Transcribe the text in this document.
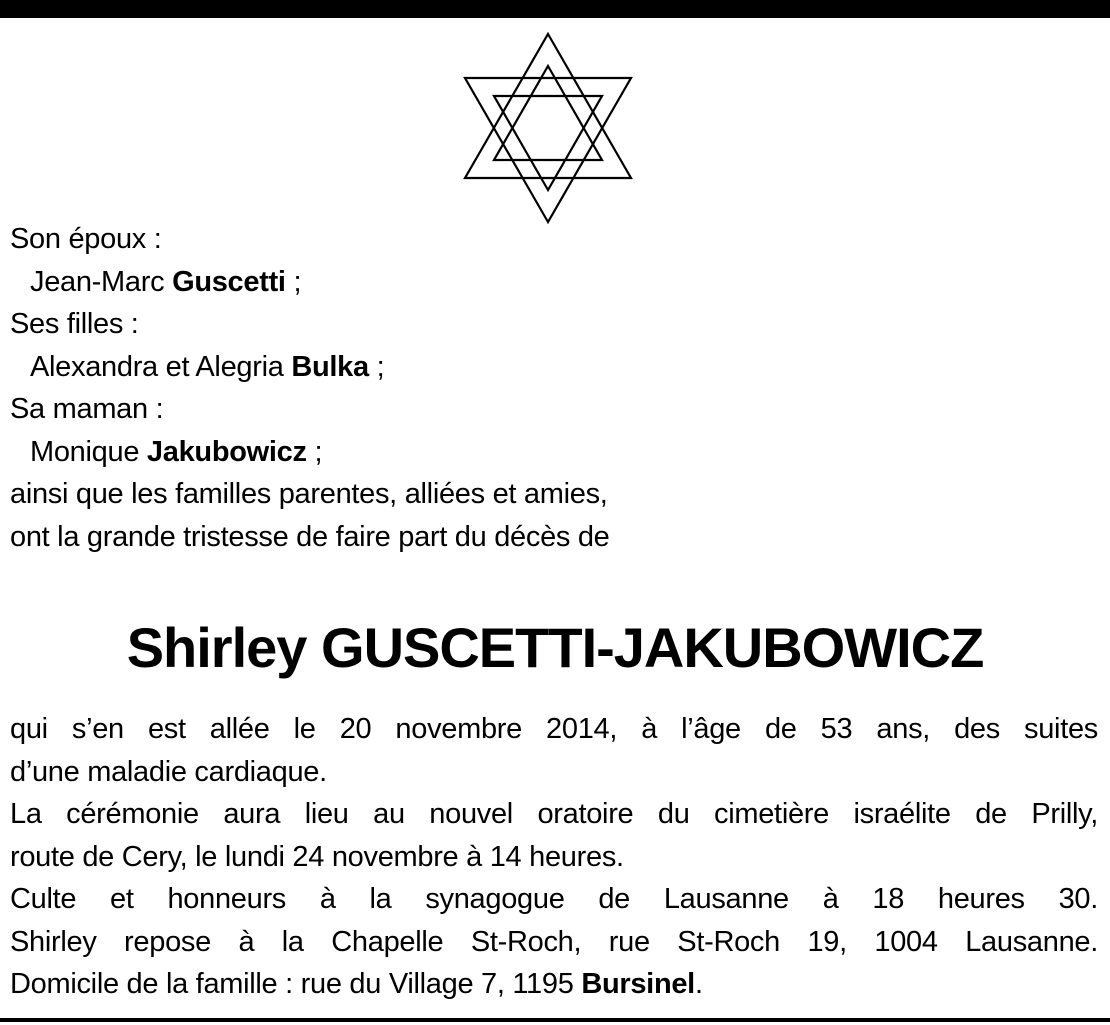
Son époux :
Jean-Marc Guscetti ;
Ses filles :
Alexandra et Alegria Bulka ;
Sa maman :
Monique Jakubowicz ;
ainsi que les familles parentes, alliées et amies,
ont la grande tristesse de faire part du décès de
Shirley GUSCETTI-JAKUBOWICZ
qui s’en est allée le 20 novembre 2014, à l’âge de 53 ans, des suites
d’une maladie cardiaque.
La cérémonie aura lieu au nouvel oratoire du cimetière israélite de Prilly,
route de Cery, le lundi 24 novembre à 14 heures.
Culte et honneurs à la synagogue de Lausanne à 18 heures 30.
Shirley repose à la Chapelle St-Roch, rue St-Roch 19, 1004 Lausanne.
Domicile de la famille : rue du Village 7, 1195 Bursinel.
